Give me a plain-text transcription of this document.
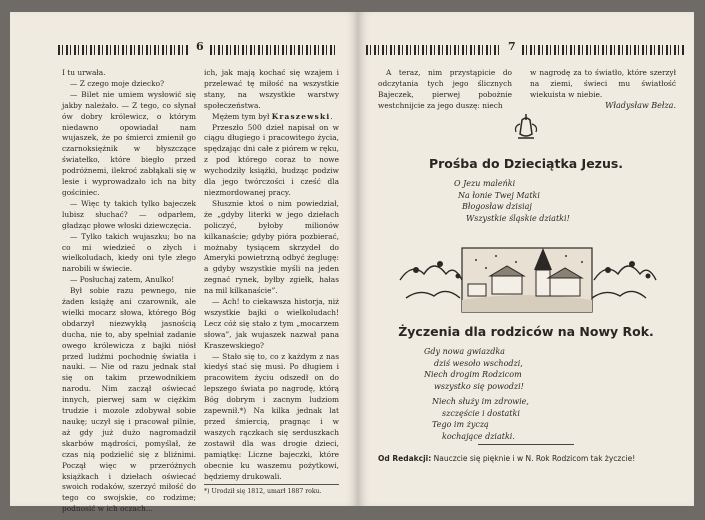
6

I tu urwała.

— Z czego moje dziecko?

— Bilet nie umiem wysłowić się jakby należało. — Z tego, co słynał ów dobry królewicz, o którym niedawno opowiadał nam wujaszek, że po śmierci zmienił go czarnoksiężnik w błyszczące światełko, które biegło przed podróżnemi, ilekroć zabłąkali się w lesie i wyprowadzało ich na bity gościniec.

— Więc ty takich tylko bajeczek lubisz słuchać? — odparłem, gładząc płowe włoski dziewczęcia.

— Tylko takich wujaszku; bo na co mi wiedzieć o złych i wielkoludach, kiedy oni tyle złego narobili w świecie.

— Posłuchaj zatem, Anulko!

Był sobie razu pewnego, nie żaden książę ani czarownik, ale wielki mocarz słowa, którego Bóg obdarzył niezwykłą jasnością ducha, nie to, aby spełniał zadanie owego królewicza z bajki niósł przed ludźmi pochodnię światła i nauki. — Nie od razu jednak stał się on takim przewodnikiem narodu. Nim zaczął oświecać innych, pierwej sam w ciężkim trudzie i mozole zdobywał sobie naukę; uczył się i pracował pilnie, aż gdy już dużo nagromadził skarbów mądrości, pomyślał, że czas nią podzielić się z bliźnimi. Począł więc w przeróżnych książkach i dziełach oświecać swoich rodaków, szerzyć miłość do tego co swojskie, co rodzime; podnosić w ich oczach...

ich, jak mają kochać się wzajem i przelewać tę miłość na wszystkie stany, na wszystkie warstwy społeczeństwa.

Mężem tym był Kraszewski.

Przeszło 500 dzieł napisał on w ciągu długiego i pracowitego życia, spędzając dni całe z piórem w ręku, z pod którego coraz to nowe wychodziły książki, budząc podziw dla jego twórczości i cześć dla niezmordowanej pracy.

Słusznie ktoś o nim powiedział, że „gdyby literki w jego dziełach policzyć, byłoby milionów kilkanaście; gdyby pióra pozbierać, możnaby tysiącem skrzydeł do Ameryki powietrzną odbyć żeglugę: a gdyby wszystkie myśli na jeden zegnać rynek, byłby zgiełk, hałas na mil kilkanaście”.

— Ach! to ciekawsza historja, niż wszystkie bajki o wielkoludach! Lecz cóż się stało z tym „mocarzem słowa”, jak wujaszek nazwał pana Kraszewskiego?

— Stało się to, co z każdym z nas kiedyś stać się musi. Po długiem i pracowitem życiu odszedł on do lepszego świata po nagrodę, którą Bóg dobrym i zacnym ludziom zapewnił.*) Na kilka jednak lat przed śmiercią, pragnąc i w waszych rączkach się serduszkach zostawił dla was drogie dzieci, pamiątkę: Liczne bajeczki, które obecnie ku waszemu pożytkowi, będziemy drukowali.

*) Urodził się 1812, umarł 1887 roku.
7

A teraz, nim przystąpicie do odczytania tych jego ślicznych Bajeczek, pierwej pobożnie westchnijcie za jego duszę: niech

w nagrodę za to światło, które szerzył na ziemi, świeci mu światłość wiekuista w niebie.

Władysław Bełza.
Prośba do Dzieciątka Jezus.
O Jezu maleńki
Na łonie Twej Matki
Błogosław dzisiaj
Wszystkie śląskie dziatki!
Życzenia dla rodziców na Nowy Rok.
Gdy nowa gwiazdka
dziś wesoło wschodzi,
Niech drogim Rodzicom
wszystko się powodzi!
Niech służy im zdrowie,
szczęście i dostatki
Tego im życzą
kochające dziatki.
Od Redakcji: Nauczcie się pięknie i w N. Rok Rodzicom tak życzcie!
